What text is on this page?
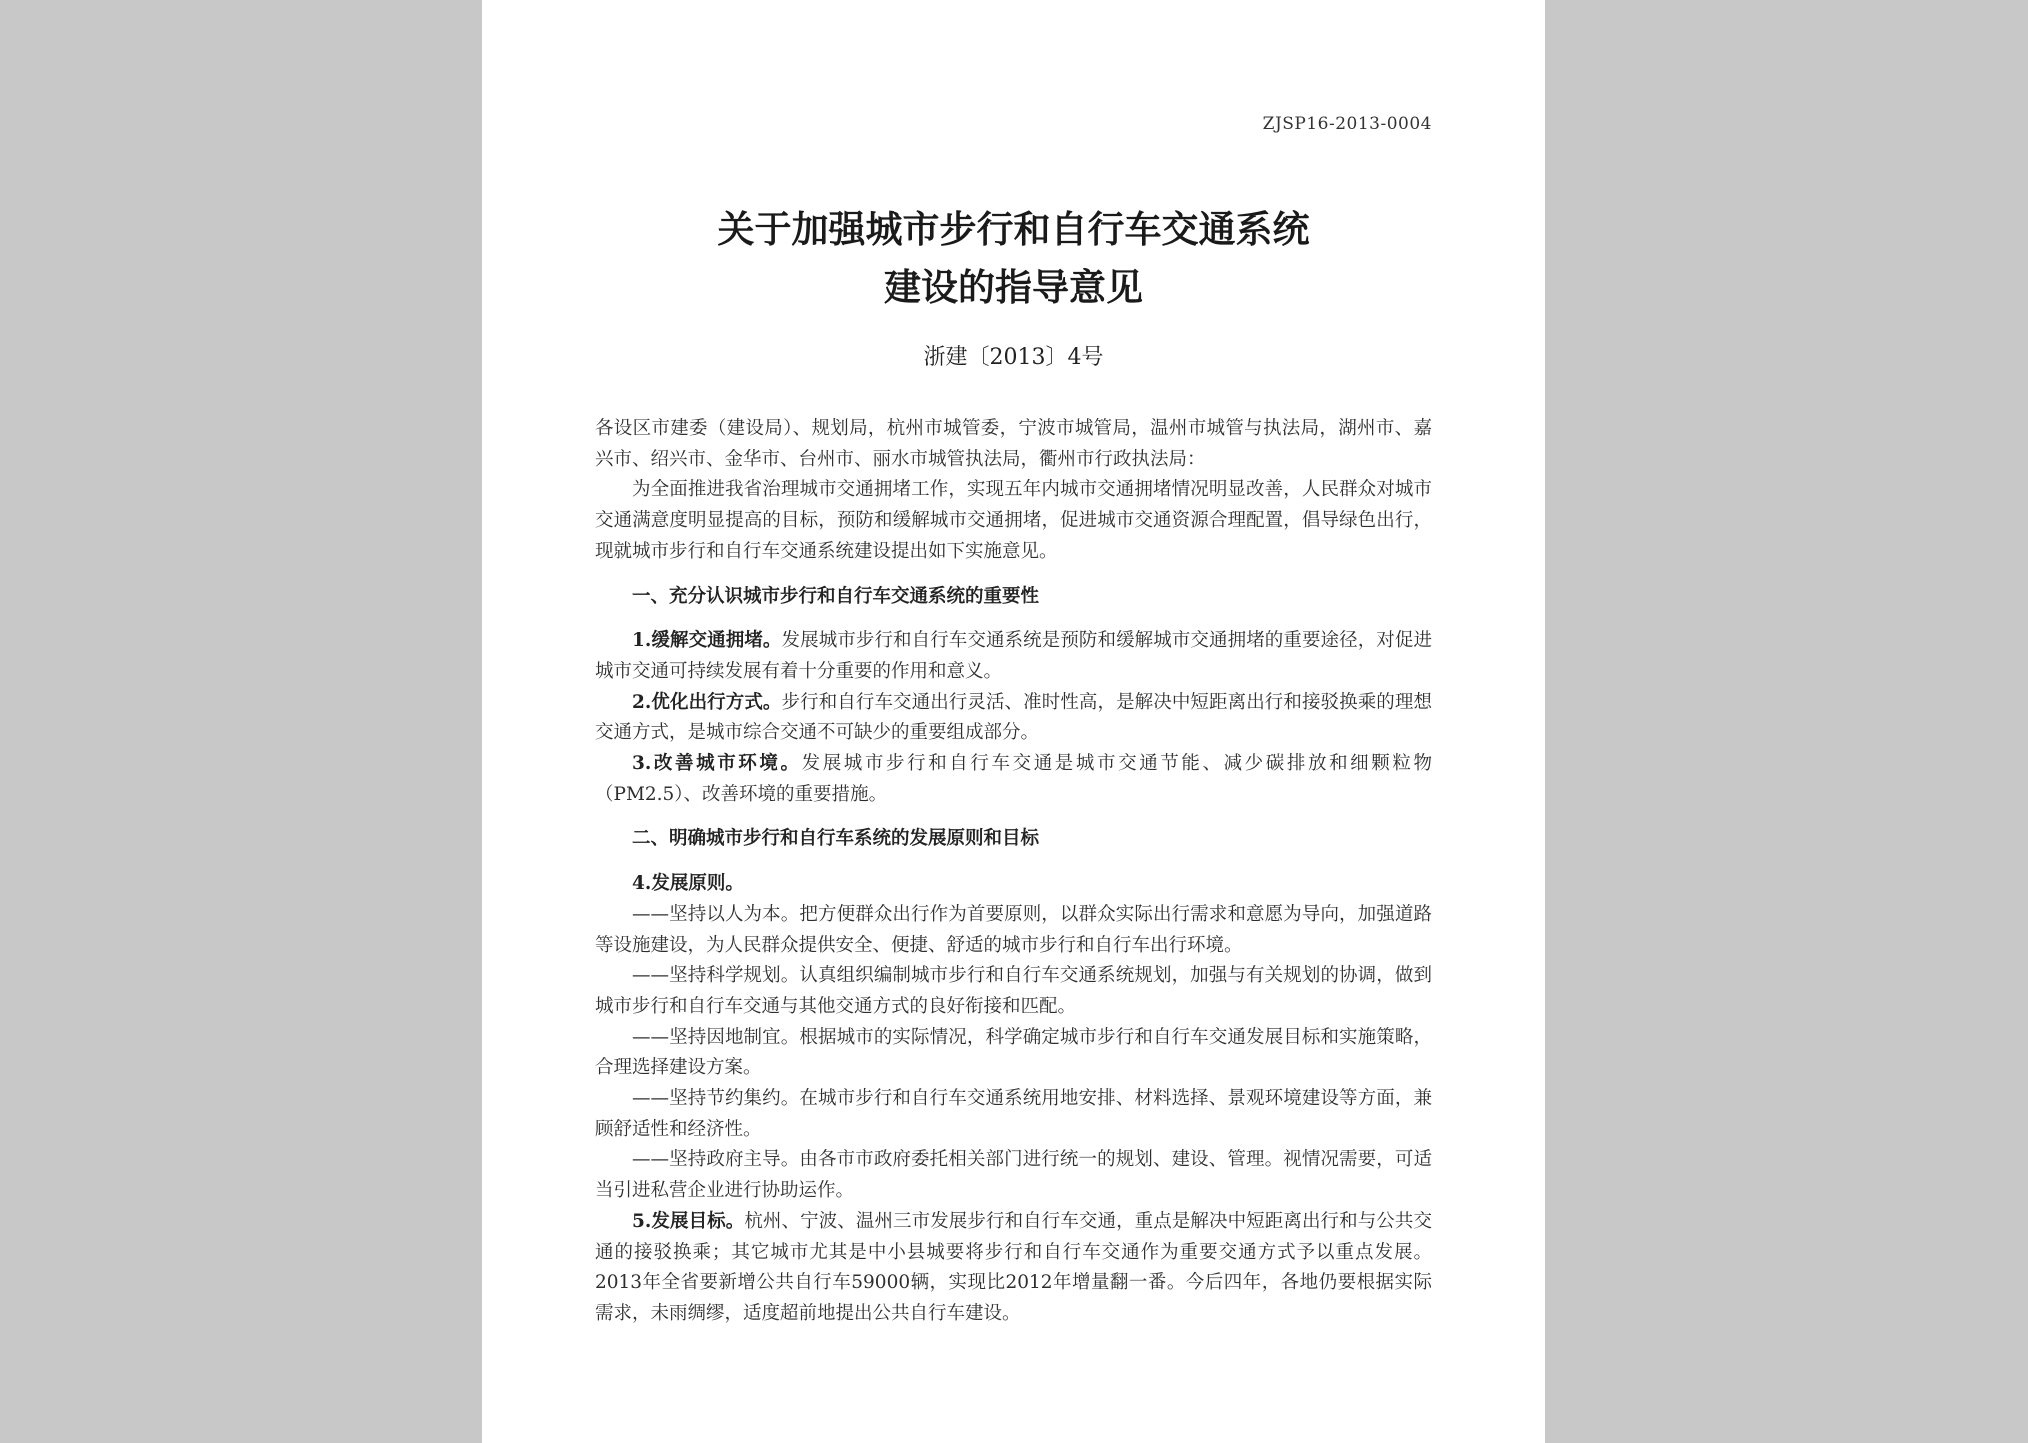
ZJSP16-2013-0004
关于加强城市步行和自行车交通系统
建设的指导意见
浙建〔2013〕4号

各设区市建委（建设局）、规划局，杭州市城管委，宁波市城管局，温州市城管与执法局，湖州市、嘉兴市、绍兴市、金华市、台州市、丽水市城管执法局，衢州市行政执法局：

为全面推进我省治理城市交通拥堵工作，实现五年内城市交通拥堵情况明显改善，人民群众对城市交通满意度明显提高的目标，预防和缓解城市交通拥堵，促进城市交通资源合理配置，倡导绿色出行，现就城市步行和自行车交通系统建设提出如下实施意见。

一、充分认识城市步行和自行车交通系统的重要性

1.缓解交通拥堵。发展城市步行和自行车交通系统是预防和缓解城市交通拥堵的重要途径，对促进城市交通可持续发展有着十分重要的作用和意义。

2.优化出行方式。步行和自行车交通出行灵活、准时性高，是解决中短距离出行和接驳换乘的理想交通方式，是城市综合交通不可缺少的重要组成部分。

3.改善城市环境。发展城市步行和自行车交通是城市交通节能、减少碳排放和细颗粒物（PM2.5）、改善环境的重要措施。

二、明确城市步行和自行车系统的发展原则和目标

4.发展原则。

——坚持以人为本。把方便群众出行作为首要原则，以群众实际出行需求和意愿为导向，加强道路等设施建设，为人民群众提供安全、便捷、舒适的城市步行和自行车出行环境。

——坚持科学规划。认真组织编制城市步行和自行车交通系统规划，加强与有关规划的协调，做到城市步行和自行车交通与其他交通方式的良好衔接和匹配。

——坚持因地制宜。根据城市的实际情况，科学确定城市步行和自行车交通发展目标和实施策略，合理选择建设方案。

——坚持节约集约。在城市步行和自行车交通系统用地安排、材料选择、景观环境建设等方面，兼顾舒适性和经济性。

——坚持政府主导。由各市市政府委托相关部门进行统一的规划、建设、管理。视情况需要，可适当引进私营企业进行协助运作。

5.发展目标。杭州、宁波、温州三市发展步行和自行车交通，重点是解决中短距离出行和与公共交通的接驳换乘；其它城市尤其是中小县城要将步行和自行车交通作为重要交通方式予以重点发展。2013年全省要新增公共自行车59000辆，实现比2012年增量翻一番。今后四年，各地仍要根据实际需求，未雨绸缪，适度超前地提出公共自行车建设。
